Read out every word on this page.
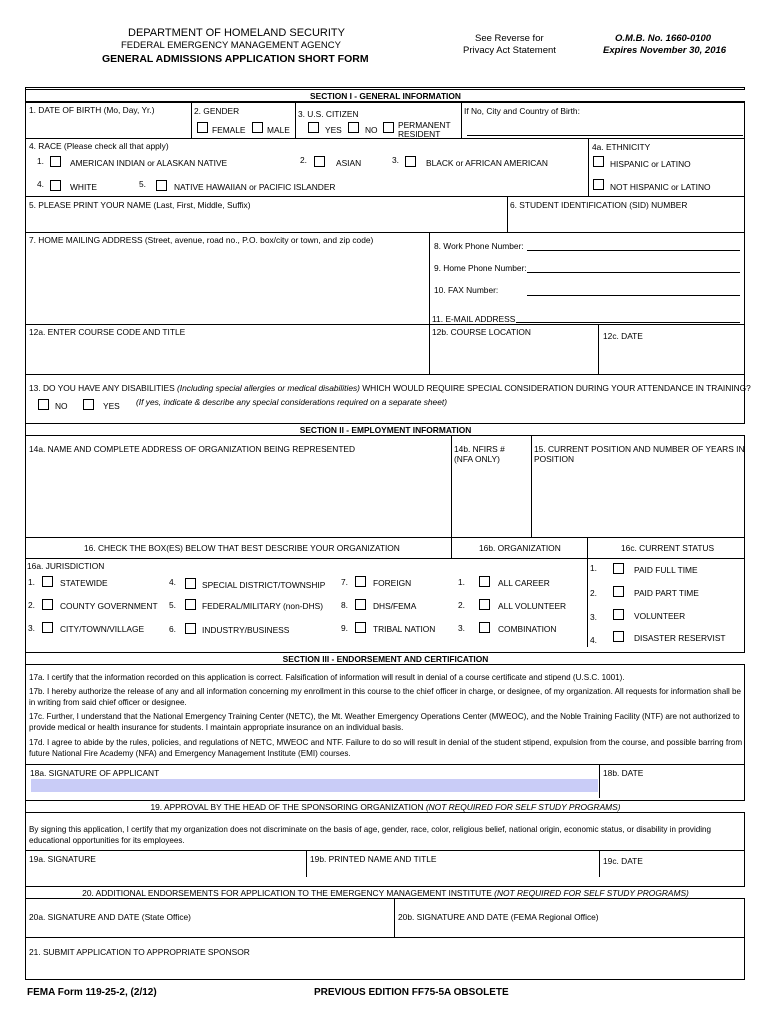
DEPARTMENT OF HOMELAND SECURITY
FEDERAL EMERGENCY MANAGEMENT AGENCY
GENERAL ADMISSIONS APPLICATION SHORT FORM
See Reverse for
Privacy Act Statement
O.M.B. No. 1660-0100
Expires November 30, 2016
SECTION I - GENERAL INFORMATION
1. DATE OF BIRTH (Mo, Day, Yr.)	2. GENDER
FEMALE	MALE
3. U.S. CITIZEN
YES	NO PERMANENT
RESIDENT
If No, City and Country of Birth:
4. RACE (Please check all that apply)
1.	AMERICAN INDIAN or ALASKAN NATIVE	2.	ASIAN	3.	BLACK or AFRICAN AMERICAN
4.	WHITE	5.	NATIVE HAWAIIAN or PACIFIC ISLANDER
4a. ETHNICITY
HISPANIC or LATINO
NOT HISPANIC or LATINO
5. PLEASE PRINT YOUR NAME (Last, First, Middle, Suffix)	6. STUDENT IDENTIFICATION (SID) NUMBER
7. HOME MAILING ADDRESS (Street, avenue, road no., P.O. box/city or town, and zip code)
8. Work Phone Number:
9. Home Phone Number:
10. FAX Number:
11. E-MAIL ADDRESS
12a. ENTER COURSE CODE AND TITLE	12b. COURSE LOCATION	12c. DATE
13. DO YOU HAVE ANY DISABILITIES (Including special allergies or medical disabilities) WHICH WOULD REQUIRE SPECIAL CONSIDERATION DURING YOUR ATTENDANCE IN TRAINING?
NO	YES (If yes, indicate & describe any special considerations required on a separate sheet)
SECTION II - EMPLOYMENT INFORMATION
14a. NAME AND COMPLETE ADDRESS OF ORGANIZATION BEING REPRESENTED	14b. NFIRS #
(NFA ONLY)
15. CURRENT POSITION AND NUMBER OF YEARS IN
POSITION
16. CHECK THE BOX(ES) BELOW THAT BEST DESCRIBE YOUR ORGANIZATION	16b. ORGANIZATION	16c. CURRENT STATUS
16a. JURISDICTION
1.	STATEWIDE
2.	COUNTY GOVERNMENT
3.	CITY/TOWN/VILLAGE
4.	SPECIAL DISTRICT/TOWNSHIP
5.	FEDERAL/MILITARY (non-DHS)
6.	INDUSTRY/BUSINESS
7.	FOREIGN
8.	DHS/FEMA
9.	TRIBAL NATION
1.	ALL CAREER
2.	ALL VOLUNTEER
3.	COMBINATION
1.	PAID FULL TIME
2.	PAID PART TIME
3.	VOLUNTEER
4.	DISASTER RESERVIST
SECTION III - ENDORSEMENT AND CERTIFICATION
17a. I certify that the information recorded on this application is correct. Falsification of information will result in denial of a course certificate and stipend (U.S.C. 1001).
17b. I hereby authorize the release of any and all information concerning my enrollment in this course to the chief officer in charge, or designee, of my organization. All requests for information shall be in writing from said chief officer or designee.
17c. Further, I understand that the National Emergency Training Center (NETC), the Mt. Weather Emergency Operations Center (MWEOC), and the Noble Training Facility (NTF) are not authorized to provide medical or health insurance for students. I maintain appropriate insurance on an individual basis.
17d. I agree to abide by the rules, policies, and regulations of NETC, MWEOC and NTF. Failure to do so will result in denial of the student stipend, expulsion from the course, and possible barring from future National Fire Academy (NFA) and Emergency Management Institute (EMI) courses.
18a. SIGNATURE OF APPLICANT	18b. DATE
19. APPROVAL BY THE HEAD OF THE SPONSORING ORGANIZATION (NOT REQUIRED FOR SELF STUDY PROGRAMS)
By signing this application, I certify that my organization does not discriminate on the basis of age, gender, race, color, religious belief, national origin, economic status, or disability in providing educational opportunities for its employees.
19a. SIGNATURE	19b. PRINTED NAME AND TITLE	19c. DATE
20. ADDITIONAL ENDORSEMENTS FOR APPLICATION TO THE EMERGENCY MANAGEMENT INSTITUTE (NOT REQUIRED FOR SELF STUDY PROGRAMS)
20a. SIGNATURE AND DATE (State Office)	20b. SIGNATURE AND DATE (FEMA Regional Office)
21. SUBMIT APPLICATION TO APPROPRIATE SPONSOR
FEMA Form 119-25-2, (2/12)	PREVIOUS EDITION FF75-5A OBSOLETE
